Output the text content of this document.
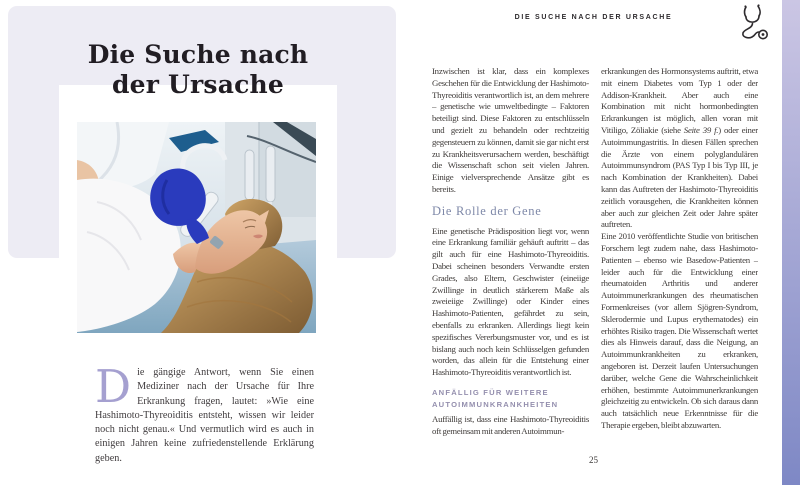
Die Suche nach der Ursache

Die gängige Antwort, wenn Sie einen Mediziner nach der Ursache für Ihre Erkrankung fragen, lautet: »Wie eine Hashimoto-Thyreoiditis entsteht, wissen wir leider noch nicht genau.« Und vermutlich wird es auch in einigen Jahren keine zufriedenstellende Erklärung geben.

DIE SUCHE NACH DER URSACHE

Inzwischen ist klar, dass ein komplexes Geschehen für die Entwicklung der Hashimoto-Thyreoiditis verantwortlich ist, an dem mehrere – genetische wie umweltbedingte – Faktoren beteiligt sind. Diese Faktoren zu entschlüsseln und gezielt zu behandeln oder rechtzeitig gegensteuern zu können, damit sie gar nicht erst zu Krankheitsverursachern werden, beschäftigt die Wissenschaft schon seit vielen Jahren. Einige vielversprechende Ansätze gibt es bereits.

Die Rolle der Gene

Eine genetische Prädisposition liegt vor, wenn eine Erkrankung familiär gehäuft auftritt – das gilt auch für eine Hashimoto-Thyreoiditis. Dabei scheinen besonders Verwandte ersten Grades, also Eltern, Geschwister (eineiige Zwillinge in deutlich stärkerem Maße als zweieiige Zwillinge) oder Kinder eines Hashimoto-Patienten, gefährdet zu sein, ebenfalls zu erkranken. Allerdings liegt kein spezifisches Vererbungsmuster vor, und es ist bislang auch noch kein Schlüsselgen gefunden worden, das allein für die Entstehung einer Hashimoto-Thyreoiditis verantwortlich ist.

ANFÄLLIG FÜR WEITERE
AUTOIMMUNKRANKHEITEN

Auffällig ist, dass eine Hashimoto-Thyreoiditis oft gemeinsam mit anderen Autoimmun-

erkrankungen des Hormonsystems auftritt, etwa mit einem Diabetes vom Typ 1 oder der Addison-Krankheit. Aber auch eine Kombination mit nicht hormonbedingten Erkrankungen ist möglich, allen voran mit Vitiligo, Zöliakie (siehe Seite 39 f.) oder einer Autoimmungastritis. In diesen Fällen sprechen die Ärzte von einem polyglandulären Autoimmunsyndrom (PAS Typ I bis Typ III, je nach Kombination der Krankheiten). Dabei kann das Auftreten der Hashimoto-Thyreoiditis zeitlich vorausgehen, die Krankheiten können aber auch zur gleichen Zeit oder Jahre später auftreten.

Eine 2010 veröffentlichte Studie von britischen Forschern legt zudem nahe, dass Hashimoto-Patienten – ebenso wie Basedow-Patienten – leider auch für die Entwicklung einer rheumatoiden Arthritis und anderer Autoimmunerkrankungen des rheumatischen Formenkreises (vor allem Sjögren-Syndrom, Sklerodermie und Lupus erythematodes) ein erhöhtes Risiko tragen. Die Wissenschaft wertet dies als Hinweis darauf, dass die Neigung, an Autoimmunkrankheiten zu erkranken, angeboren ist. Derzeit laufen Untersuchungen darüber, welche Gene die Wahrscheinlichkeit erhöhen, bestimmte Autoimmunerkrankungen gleichzeitig zu entwickeln. Ob sich daraus dann auch tatsächlich neue Erkenntnisse für die Therapie ergeben, bleibt abzuwarten.

25
